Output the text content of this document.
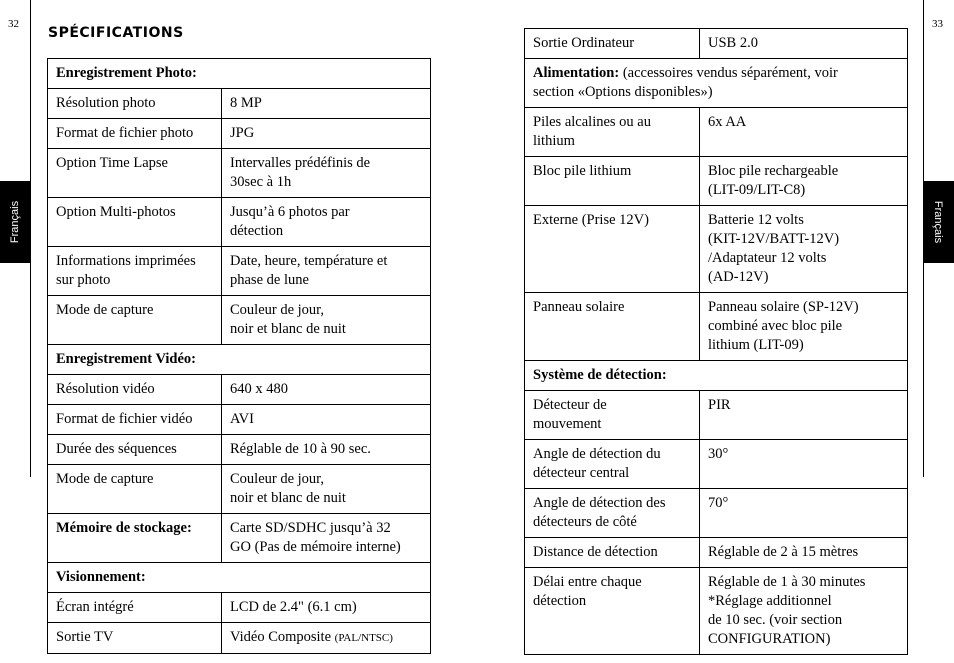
32	33
Français	Français
SPÉCIFICATIONS
Enregistrement Photo:	
Résolution photo	8 MP
Format de fichier photo	JPG
Option Time Lapse	Intervalles prédéfinis de
30sec à 1h
Option Multi-photos	Jusqu’à 6 photos par
détection
Informations imprimées
sur photo	Date, heure, température et
phase de lune
Mode de capture	Couleur de jour,
noir et blanc de nuit
Enregistrement Vidéo:	
Résolution vidéo	640 x 480
Format de fichier vidéo	AVI
Durée des séquences	Réglable de 10 à 90 sec.
Mode de capture	Couleur de jour,
noir et blanc de nuit
Mémoire de stockage:	Carte SD/SDHC jusqu’à 32
GO (Pas de mémoire interne)
Visionnement:	
Écran intégré	LCD de 2.4" (6.1 cm)
Sortie TV	Vidéo Composite (PAL/NTSC)
Sortie Ordinateur	USB 2.0
Alimentation: (accessoires vendus séparément, voir
section «Options disponibles»)	
Piles alcalines ou au
lithium	6x AA
Bloc pile lithium	Bloc pile rechargeable
(LIT-09/LIT-C8)
Externe (Prise 12V)	Batterie 12 volts
(KIT-12V/BATT-12V)
/Adaptateur 12 volts
(AD-12V)
Panneau solaire	Panneau solaire (SP-12V)
combiné avec bloc pile
lithium (LIT-09)
Système de détection:	
Détecteur de
mouvement	PIR
Angle de détection du
détecteur central	30°
Angle de détection des
détecteurs de côté	70°
Distance de détection	Réglable de 2 à 15 mètres
Délai entre chaque
détection	Réglable de 1 à 30 minutes
*Réglage additionnel
de 10 sec. (voir section
CONFIGURATION)
